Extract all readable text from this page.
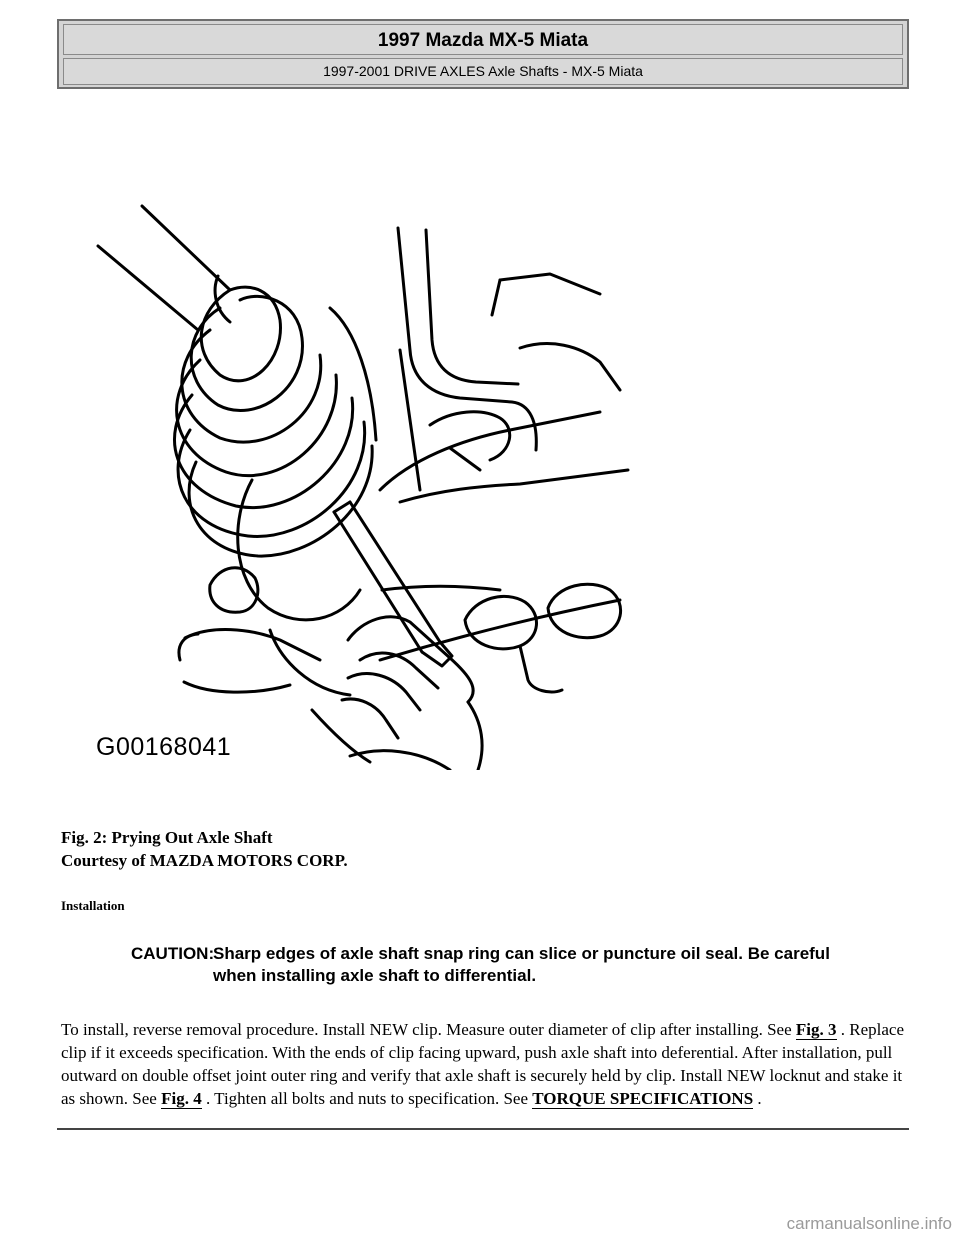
1997 Mazda MX-5 Miata
1997-2001 DRIVE AXLES Axle Shafts - MX-5 Miata
G00168041
Fig. 2: Prying Out Axle Shaft
Courtesy of MAZDA MOTORS CORP.
Installation
CAUTION:
Sharp edges of axle shaft snap ring can slice or puncture oil seal. Be careful when installing axle shaft to differential.
To install, reverse removal procedure. Install NEW clip. Measure outer diameter of clip after installing. See Fig. 3 . Replace clip if it exceeds specification. With the ends of clip facing upward, push axle shaft into deferential. After installation, pull outward on double offset joint outer ring and verify that axle shaft is securely held by clip. Install NEW locknut and stake it as shown. See Fig. 4 . Tighten all bolts and nuts to specification. See TORQUE SPECIFICATIONS .
carmanualsonline.info
